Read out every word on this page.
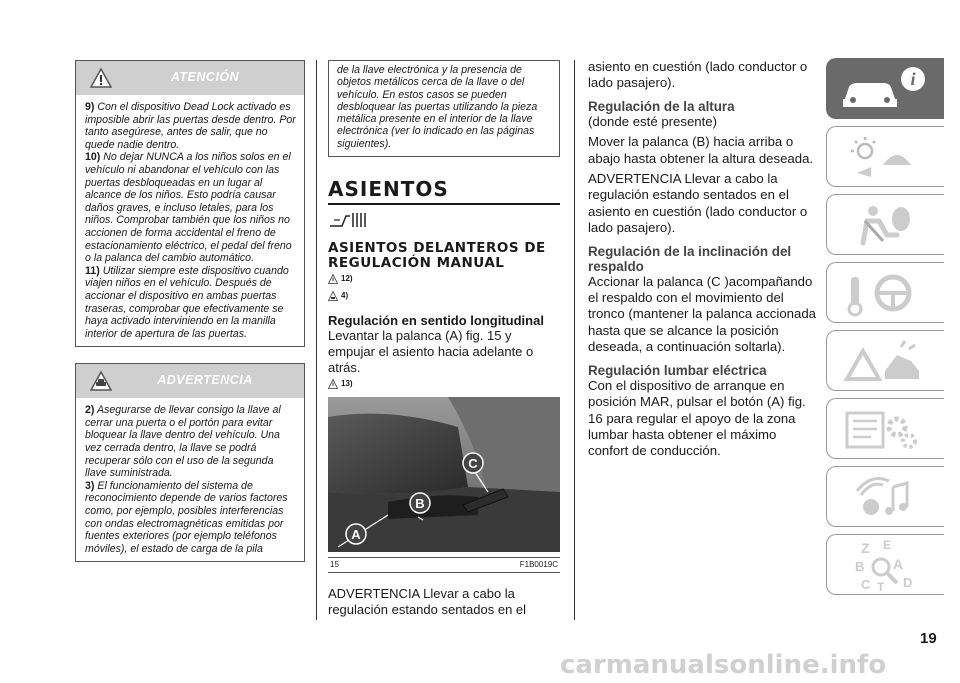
ATENCIÓN
9) Con el dispositivo Dead Lock activado es imposible abrir las puertas desde dentro. Por tanto asegúrese, antes de salir, que no quede nadie dentro.
10) No dejar NUNCA a los niños solos en el vehículo ni abandonar el vehículo con las puertas desbloqueadas en un lugar al alcance de los niños. Esto podría causar daños graves, e incluso letales, para los niños. Comprobar también que los niños no accionen de forma accidental el freno de estacionamiento eléctrico, el pedal del freno o la palanca del cambio automático.
11) Utilizar siempre este dispositivo cuando viajen niños en el vehículo. Después de accionar el dispositivo en ambas puertas traseras, comprobar que efectivamente se haya activado interviniendo en la manilla interior de apertura de las puertas.
ADVERTENCIA
2) Asegurarse de llevar consigo la llave al cerrar una puerta o el portón para evitar bloquear la llave dentro del vehículo. Una vez cerrada dentro, la llave se podrá recuperar sólo con el uso de la segunda llave suministrada.
3) El funcionamiento del sistema de reconocimiento depende de varios factores como, por ejemplo, posibles interferencias con ondas electromagnéticas emitidas por fuentes exteriores (por ejemplo teléfonos móviles), el estado de carga de la pila
de la llave electrónica y la presencia de objetos metálicos cerca de la llave o del vehículo. En estos casos se pueden desbloquear las puertas utilizando la pieza metálica presente en el interior de la llave electrónica (ver lo indicado en las páginas siguientes).
ASIENTOS
ASIENTOS DELANTEROS DE REGULACIÓN MANUAL
12)
4)
Regulación en sentido longitudinal
Levantar la palanca (A) fig. 15 y empujar el asiento hacia adelante o atrás.
13)
B
C
A
15	F1B0019C
ADVERTENCIA Llevar a cabo la regulación estando sentados en el
asiento en cuestión (lado conductor o lado pasajero).
Regulación de la altura
(donde esté presente)
Mover la palanca (B) hacia arriba o abajo hasta obtener la altura deseada.
ADVERTENCIA Llevar a cabo la regulación estando sentados en el asiento en cuestión (lado conductor o lado pasajero).
Regulación de la inclinación del respaldo
Accionar la palanca (C )acompañando el respaldo con el movimiento del tronco (mantener la palanca accionada hasta que se alcance la posición deseada, a continuación soltarla).
Regulación lumbar eléctrica
Con el dispositivo de arranque en posición MAR, pulsar el botón (A) fig. 16 para regular el apoyo de la zona lumbar hasta obtener el máximo confort de conducción.
i
Z E
B A
C T D
19
carmanualsonline.info
